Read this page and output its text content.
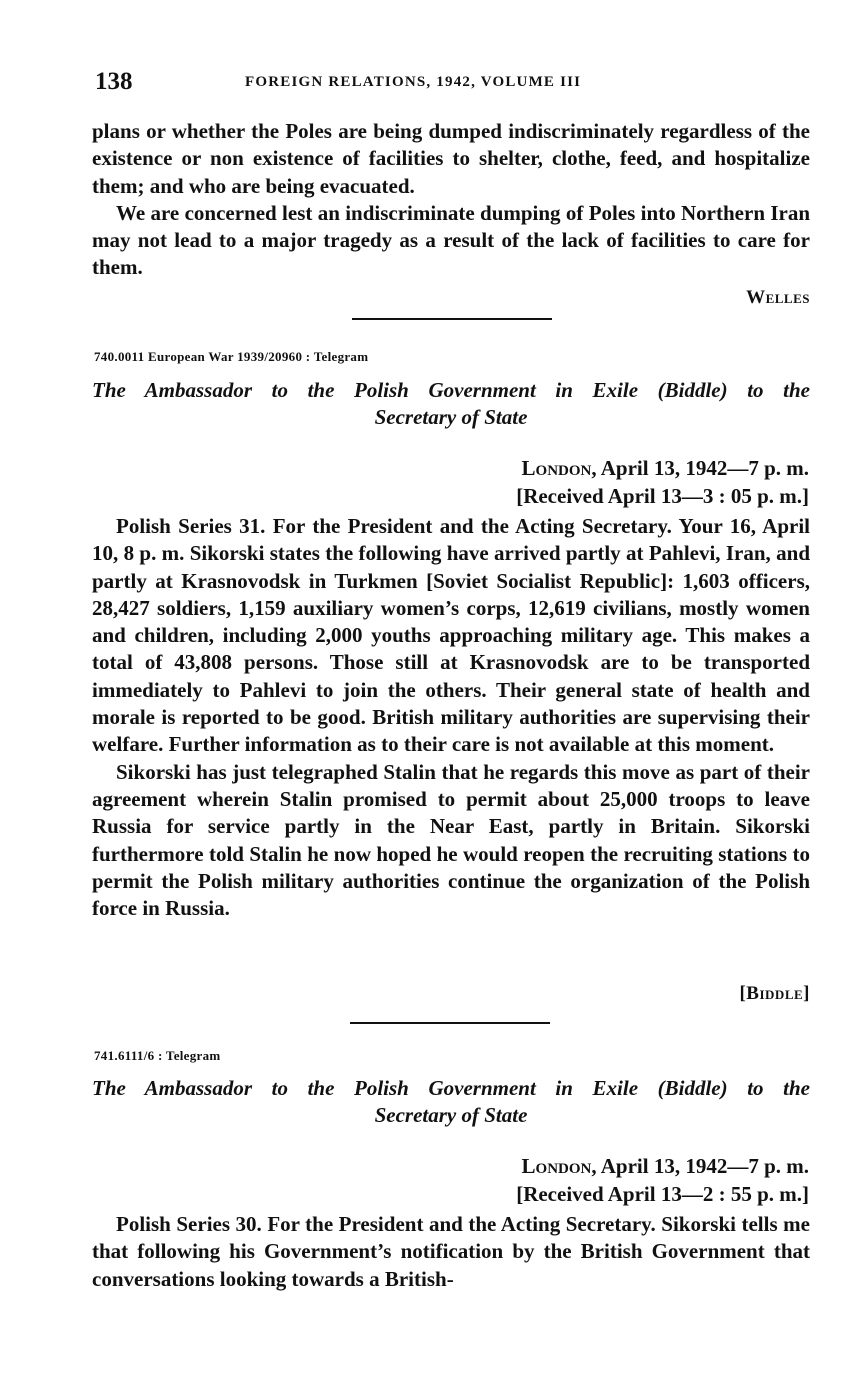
138	FOREIGN RELATIONS, 1942, VOLUME III

plans or whether the Poles are being dumped indiscriminately regardless of the existence or non existence of facilities to shelter, clothe, feed, and hospitalize them; and who are being evacuated.

We are concerned lest an indiscriminate dumping of Poles into Northern Iran may not lead to a major tragedy as a result of the lack of facilities to care for them.

Welles
740.0011 European War 1939/20960 : Telegram
The Ambassador to the Polish Government in Exile (Biddle) to the
Secretary of State
London, April 13, 1942—7 p. m.
[Received April 13—3 : 05 p. m.]

Polish Series 31. For the President and the Acting Secretary. Your 16, April 10, 8 p. m. Sikorski states the following have arrived partly at Pahlevi, Iran, and partly at Krasnovodsk in Turkmen [Soviet Socialist Republic]: 1,603 officers, 28,427 soldiers, 1,159 auxiliary women’s corps, 12,619 civilians, mostly women and children, including 2,000 youths approaching military age. This makes a total of 43,808 persons. Those still at Krasnovodsk are to be transported immediately to Pahlevi to join the others. Their general state of health and morale is reported to be good. British military authorities are supervising their welfare. Further information as to their care is not available at this moment.

Sikorski has just telegraphed Stalin that he regards this move as part of their agreement wherein Stalin promised to permit about 25,000 troops to leave Russia for service partly in the Near East, partly in Britain. Sikorski furthermore told Stalin he now hoped he would reopen the recruiting stations to permit the Polish military authorities continue the organization of the Polish force in Russia.

[Biddle]
741.6111/6 : Telegram
The Ambassador to the Polish Government in Exile (Biddle) to the
Secretary of State
London, April 13, 1942—7 p. m.
[Received April 13—2 : 55 p. m.]

Polish Series 30. For the President and the Acting Secretary. Sikorski tells me that following his Government’s notification by the British Government that conversations looking towards a British-
